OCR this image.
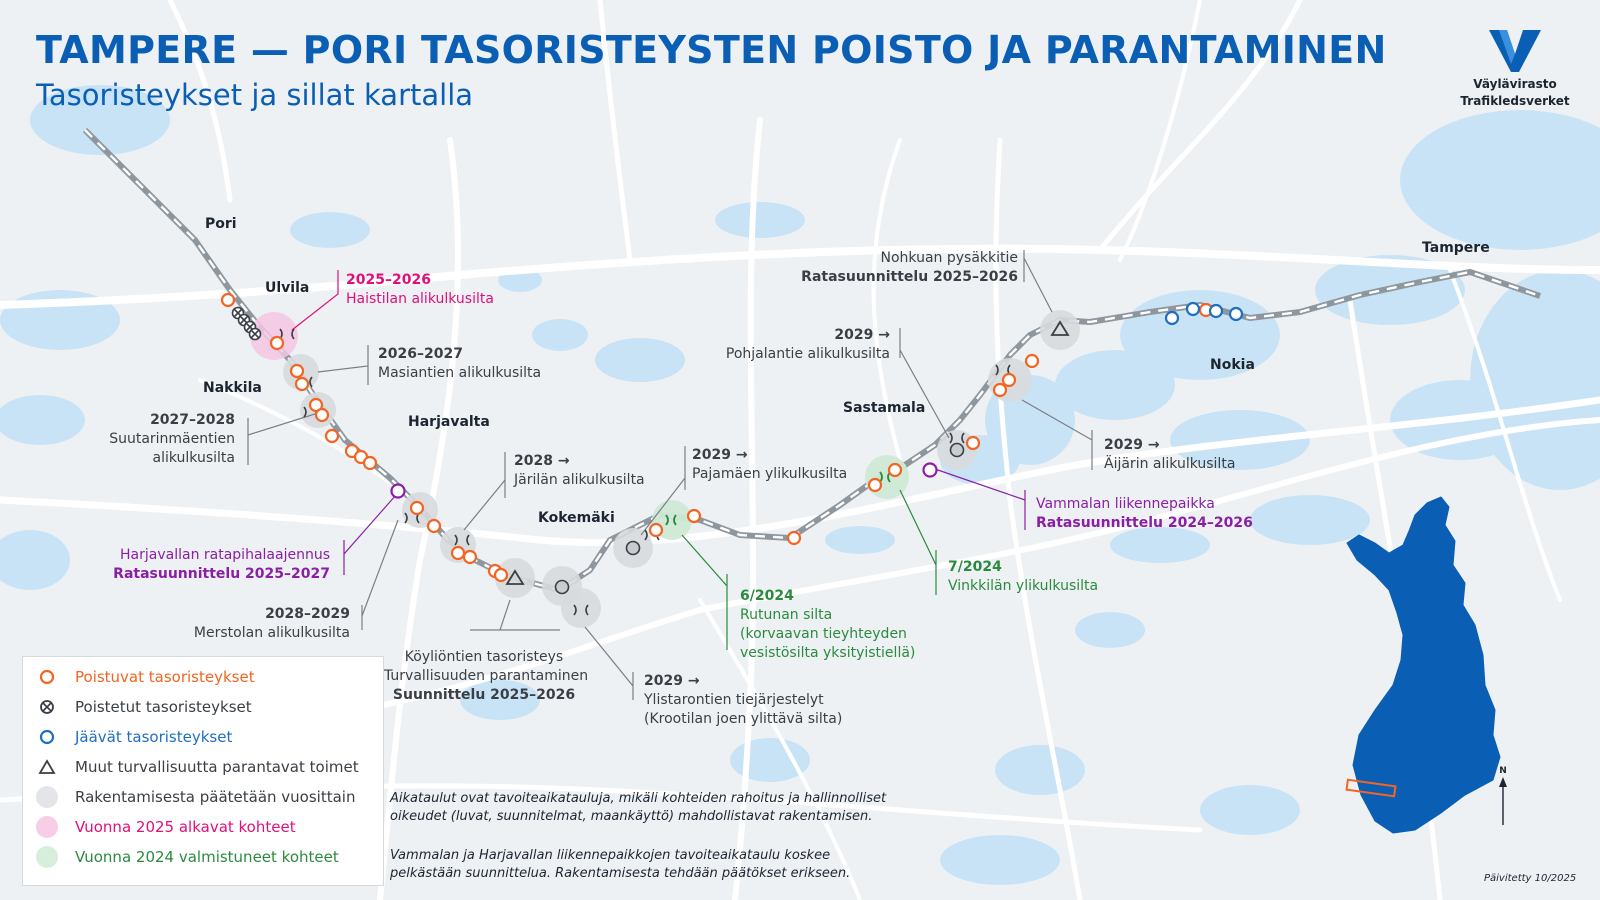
TAMPERE — PORI TASORISTEYSTEN POISTO JA PARANTAMINEN
Tasoristeykset ja sillat kartalla	Väylävirasto
Trafikledsverket
Pori
Ulvila
Nakkila
Harjavalta
Kokemäki
Sastamala
Nokia
Tampere
2025–2026
Haistilan alikulkusilta
2026–2027
Masiantien alikulkusilta
2027–2028
Suutarinmäentien
alikulkusilta
Harjavallan ratapihalaajennus
Ratasuunnittelu 2025–2027
2028–2029
Merstolan alikulkusilta
2028 →
Järilän alikulkusilta
Köyliöntien tasoristeys
Turvallisuuden parantaminen
Suunnittelu 2025–2026
2029 →
Pajamäen ylikulkusilta
2029 →
Ylistarontien tiejärjestelyt
(Krootilan joen ylittävä silta)
6/2024
Rutunan silta
(korvaavan tieyhteyden
vesistösilta yksityistiellä)
2029 →
Pohjalantie alikulkusilta
Nohkuan pysäkkitie
Ratasuunnittelu 2025–2026
7/2024
Vinkkilän ylikulkusilta
Vammalan liikennepaikka
Ratasuunnittelu 2024–2026
2029 →
Äijärin alikulkusilta
Poistuvat tasoristeykset
Poistetut tasoristeykset
Jäävät tasoristeykset
Muut turvallisuutta parantavat toimet
Rakentamisesta päätetään vuosittain
Vuonna 2025 alkavat kohteet
Vuonna 2024 valmistuneet kohteet
Aikataulut ovat tavoiteaikatauluja, mikäli kohteiden rahoitus ja hallinnolliset
oikeudet (luvat, suunnitelmat, maankäyttö) mahdollistavat rakentamisen.
Vammalan ja Harjavallan liikennepaikkojen tavoiteaikataulu koskee
pelkästään suunnittelua. Rakentamisesta tehdään päätökset erikseen.
N
Päivitetty 10/2025
